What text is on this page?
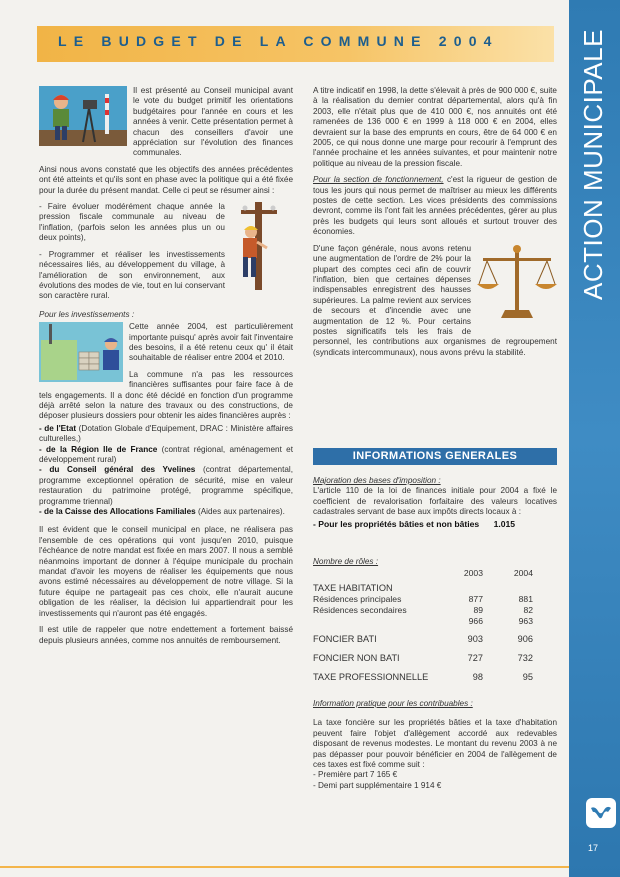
LE BUDGET DE LA COMMUNE 2004	ACTION MUNICIPALE
17

Il est présenté au Conseil municipal avant le vote du budget primitif les orientations budgétaires pour l'année en cours et les années à venir. Cette présentation permet à chacun des conseillers d'avoir une appréciation sur l'évolution des finances communales.

Ainsi nous avons constaté que les objectifs des années précédentes ont été atteints et qu'ils sont en phase avec la politique qui a été fixée pour la durée du présent mandat. Celle ci peut se résumer ainsi :

- Faire évoluer modérément chaque année la pression fiscale communale au niveau de l'inflation, (parfois selon les années plus un ou deux points),

- Programmer et réaliser les investissements nécessaires liés, au développement du village, à l'amélioration de son environnement, aux évolutions des modes de vie, tout en lui conservant son caractère rural.

Pour les investissements :

Cette année 2004, est particulièrement importante puisqu' après avoir fait l'inventaire des besoins, il a été retenu ceux qu' il était souhaitable de réaliser entre 2004 et 2010.

La commune n'a pas les ressources financières suffisantes pour faire face à de tels engagements. Il a donc été décidé en fonction d'un programme déjà arrêté selon la nature des travaux ou des constructions, de déposer plusieurs dossiers pour obtenir les aides financières auprès :

- de l'Etat (Dotation Globale d'Equipement, DRAC : Ministère affaires culturelles,)

- de la Région Ile de France (contrat régional, aménagement et développement rural)

- du Conseil général des Yvelines (contrat départemental, programme exceptionnel opération de sécurité, mise en valeur restauration du patrimoine protégé, programme spécifique, programme triennal)

- de la Caisse des Allocations Familiales (Aides aux partenaires).

Il est évident que le conseil municipal en place, ne réalisera pas l'ensemble de ces opérations qui vont jusqu'en 2010, puisque l'échéance de notre mandat est fixée en mars 2007. Il nous a semblé néanmoins important de donner à l'équipe municipale du prochain mandat d'avoir les moyens de réaliser les équipements que nous avons estimé nécessaires au développement de notre village. Si la future équipe ne partageait pas ces choix, elle n'aurait aucune obligation de les réaliser, la décision lui appartiendrait pour les investissements qui n'auront pas été engagés.

Il est utile de rappeler que notre endettement a fortement baissé depuis plusieurs années, comme nos annuités de remboursement.

A titre indicatif en 1998, la dette s'élevait à près de 900 000 €, suite à la réalisation du dernier contrat départemental, alors qu'à fin 2003, elle n'était plus que de 410 000 €, nos annuités ont été ramenées de 136 000 € en 1999 à 118 000 € en 2004, elles devraient sur la base des emprunts en cours, être de 64 000 € en 2005, ce qui nous donne une marge pour recourir à l'emprunt des l'année prochaine et les années suivantes, et pour maintenir notre politique au niveau de la pression fiscale.

Pour la section de fonctionnement, c'est la rigueur de gestion de tous les jours qui nous permet de maîtriser au mieux les différents postes de cette section. Les vices présidents des commissions devront, comme ils l'ont fait les années précédentes, gérer au plus près les budgets qui leurs sont alloués et surtout trouver des économies.

D'une façon générale, nous avons retenu une augmentation de l'ordre de 2% pour la plupart des comptes ceci afin de couvrir l'inflation, bien que certaines dépenses indispensables enregistrent des hausses supérieures. La palme revient aux services de secours et d'incendie avec une augmentation de 12 %. Pour certains postes significatifs tels les frais de personnel, les contributions aux organismes de regroupement (syndicats intercommunaux), nous avons prévu la stabilité.

INFORMATIONS GENERALES
Majoration des bases d'imposition :
L'article 110 de la loi de finances initiale pour 2004 a fixé le coefficient de revalorisation forfaitaire des valeurs locatives cadastrales servant de base aux impôts directs locaux à :
- Pour les propriétés bâties et non bâties 1.015
Nombre de rôles :
2003	2004
TAXE HABITATION
Résidences principales	877	881
Résidences secondaires	89	82
966	963
FONCIER BATI	903	906
FONCIER NON BATI	727	732
TAXE PROFESSIONNELLE	98	95
Information pratique pour les contribuables :
La taxe foncière sur les propriétés bâties et la taxe d'habitation peuvent faire l'objet d'allègement accordé aux redevables disposant de revenus modestes. Le montant du revenu 2003 à ne pas dépasser pour pouvoir bénéficier en 2004 de l'allègement de ces taxes est fixé comme suit :
- Première part 7 165 €
- Demi part supplémentaire 1 914 €
